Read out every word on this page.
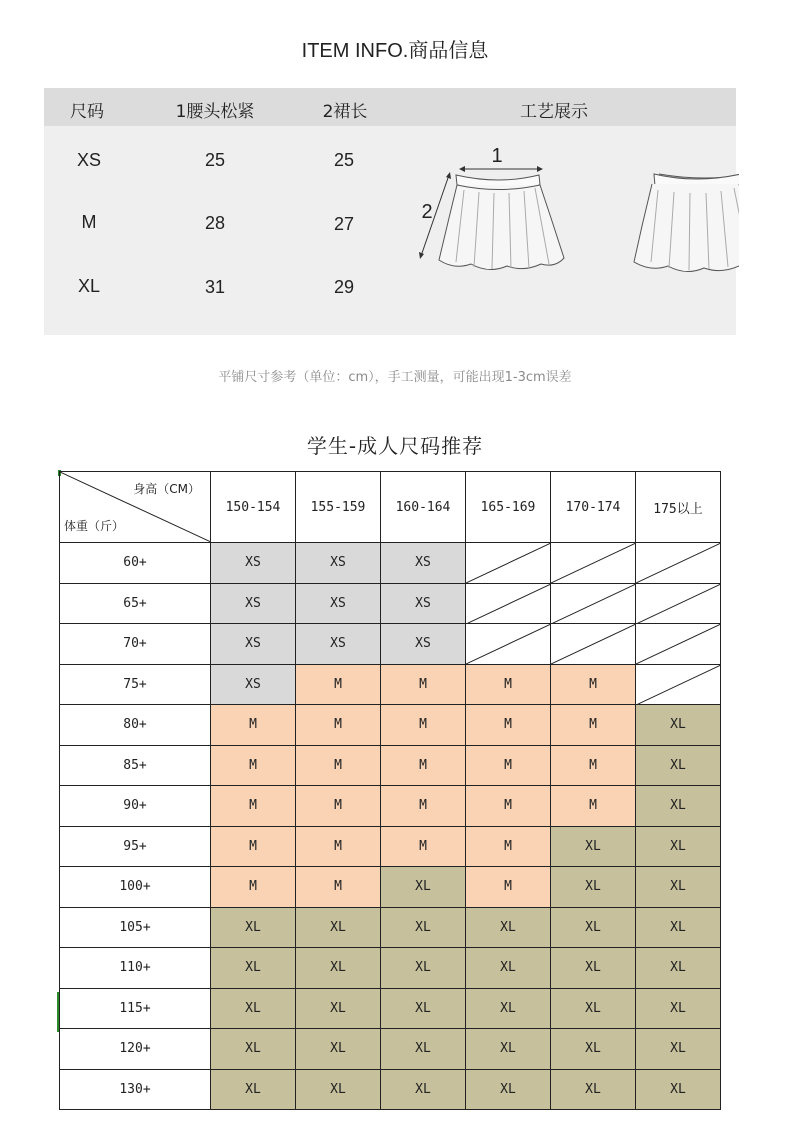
ITEM INFO.商品信息
尺码	1腰头松紧	2裙长	工艺展示
XS	25	25
M	28	27
XL	31	29
1
2
平铺尺寸参考（单位：cm），手工测量，可能出现1-3cm误差
学生-成人尺码推荐
身高（CM）
体重（斤）	150-154	155-159	160-164	165-169	170-174	175以上
60+	XS	XS	XS	

65+	XS	XS	XS	

70+	XS	XS	XS	

75+	XS	M	M	M	M	

80+	M	M	M	M	M	XL
85+	M	M	M	M	M	XL
90+	M	M	M	M	M	XL
95+	M	M	M	M	XL	XL
100+	M	M	XL	M	XL	XL
105+	XL	XL	XL	XL	XL	XL
110+	XL	XL	XL	XL	XL	XL
115+	XL	XL	XL	XL	XL	XL
120+	XL	XL	XL	XL	XL	XL
130+	XL	XL	XL	XL	XL	XL
